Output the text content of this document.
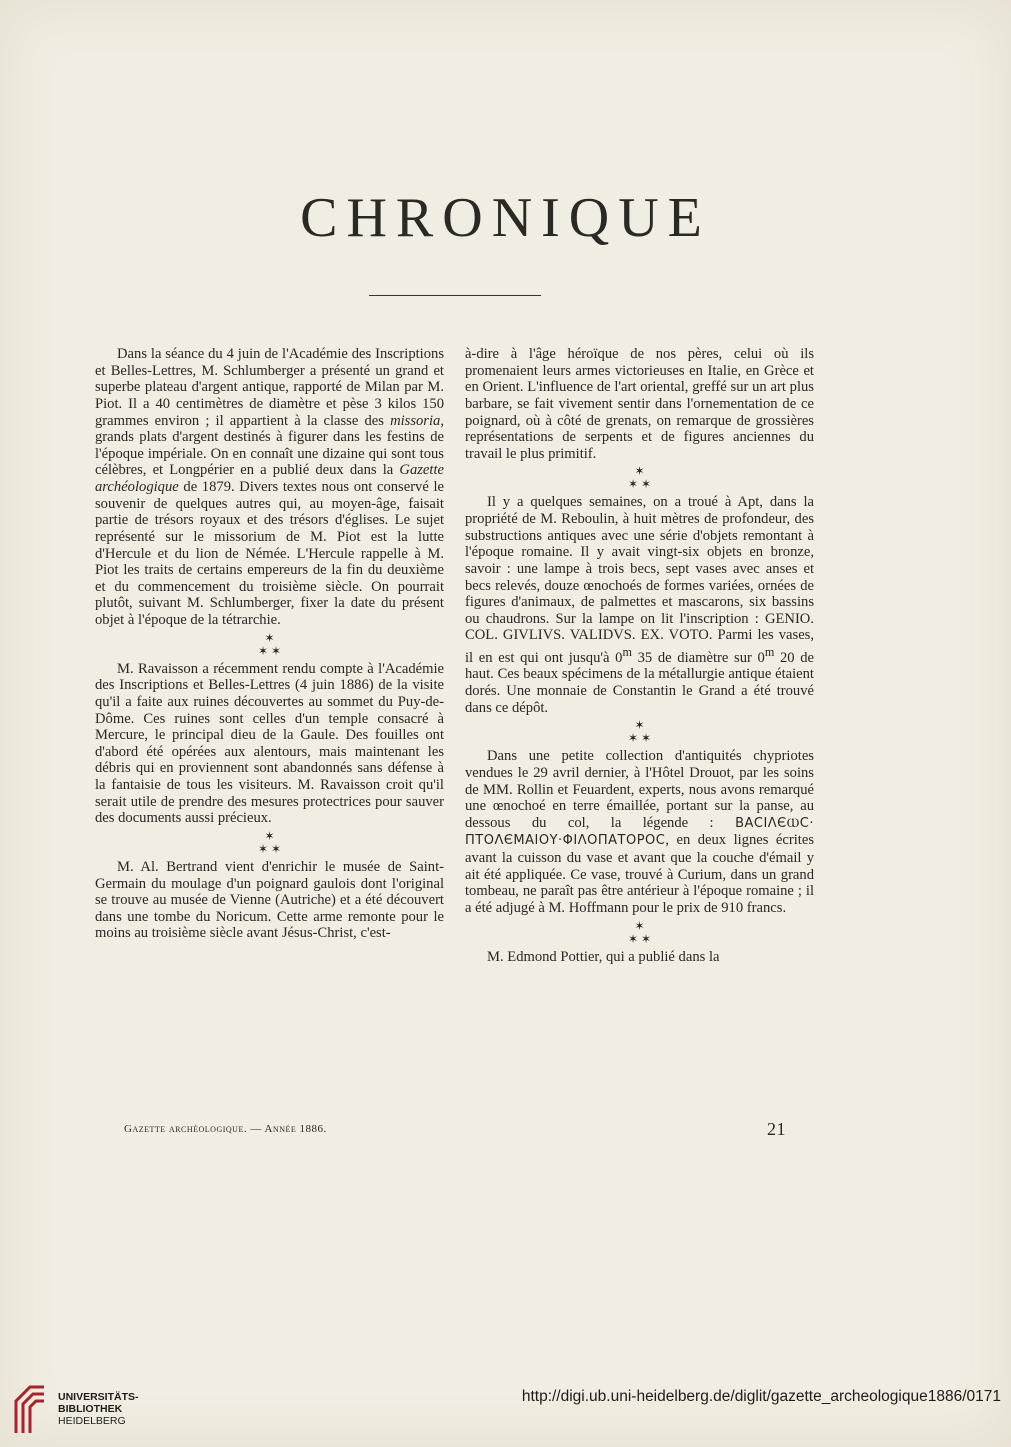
CHRONIQUE

Dans la séance du 4 juin de l'Académie des Inscriptions et Belles-Lettres, M. Schlumberger a présenté un grand et superbe plateau d'argent antique, rapporté de Milan par M. Piot. Il a 40 centimètres de diamètre et pèse 3 kilos 150 grammes environ ; il appartient à la classe des missoria, grands plats d'argent destinés à figurer dans les festins de l'époque impériale. On en connaît une dizaine qui sont tous célèbres, et Longpérier en a publié deux dans la Gazette archéologique de 1879. Divers textes nous ont conservé le souvenir de quelques autres qui, au moyen-âge, faisait partie de trésors royaux et des trésors d'églises. Le sujet représenté sur le missorium de M. Piot est la lutte d'Hercule et du lion de Némée. L'Hercule rappelle à M. Piot les traits de certains empereurs de la fin du deuxième et du commencement du troisième siècle. On pourrait plutôt, suivant M. Schlumberger, fixer la date du présent objet à l'époque de la tétrarchie.

✶
✶ ✶

M. Ravaisson a récemment rendu compte à l'Académie des Inscriptions et Belles-Lettres (4 juin 1886) de la visite qu'il a faite aux ruines découvertes au sommet du Puy-de-Dôme. Ces ruines sont celles d'un temple consacré à Mercure, le principal dieu de la Gaule. Des fouilles ont d'abord été opérées aux alentours, mais maintenant les débris qui en proviennent sont abandonnés sans défense à la fantaisie de tous les visiteurs. M. Ravaisson croit qu'il serait utile de prendre des mesures protectrices pour sauver des documents aussi précieux.

✶
✶ ✶

M. Al. Bertrand vient d'enrichir le musée de Saint-Germain du moulage d'un poignard gaulois dont l'original se trouve au musée de Vienne (Autriche) et a été découvert dans une tombe du Noricum. Cette arme remonte pour le moins au troisième siècle avant Jésus-Christ, c'est-

à-dire à l'âge héroïque de nos pères, celui où ils promenaient leurs armes victorieuses en Italie, en Grèce et en Orient. L'influence de l'art oriental, greffé sur un art plus barbare, se fait vivement sentir dans l'ornementation de ce poignard, où à côté de grenats, on remarque de grossières représentations de serpents et de figures anciennes du travail le plus primitif.

✶
✶ ✶

Il y a quelques semaines, on a troué à Apt, dans la propriété de M. Reboulin, à huit mètres de profondeur, des substructions antiques avec une série d'objets remontant à l'époque romaine. Il y avait vingt-six objets en bronze, savoir : une lampe à trois becs, sept vases avec anses et becs relevés, douze œnochoés de formes variées, ornées de figures d'animaux, de palmettes et mascarons, six bassins ou chaudrons. Sur la lampe on lit l'inscription : GENIO. COL. GIVLIVS. VALIDVS. EX. VOTO. Parmi les vases, il en est qui ont jusqu'à 0$^m$ 35 de diamètre sur 0$^m$ 20 de haut. Ces beaux spécimens de la métallurgie antique étaient dorés. Une monnaie de Constantin le Grand a été trouvé dans ce dépôt.

✶
✶ ✶

Dans une petite collection d'antiquités chypriotes vendues le 29 avril dernier, à l'Hôtel Drouot, par les soins de MM. Rollin et Feuardent, experts, nous avons remarqué une œnochoé en terre émaillée, portant sur la panse, au dessous du col, la légende : ΒΑϹΙΛЄⲰϹ· ΠΤΟΛЄΜΑΙΟΥ·ΦΙΛΟΠΑΤΟΡΟϹ, en deux lignes écrites avant la cuisson du vase et avant que la couche d'émail y ait été appliquée. Ce vase, trouvé à Curium, dans un grand tombeau, ne paraît pas être antérieur à l'époque romaine ; il a été adjugé à M. Hoffmann pour le prix de 910 francs.

✶
✶ ✶

M. Edmond Pottier, qui a publié dans la

Gazette archéologique. — Année 1886.	21
UNIVERSITÄTS-
BIBLIOTHEK
HEIDELBERG
http://digi.ub.uni-heidelberg.de/diglit/gazette_archeologique1886/0171
